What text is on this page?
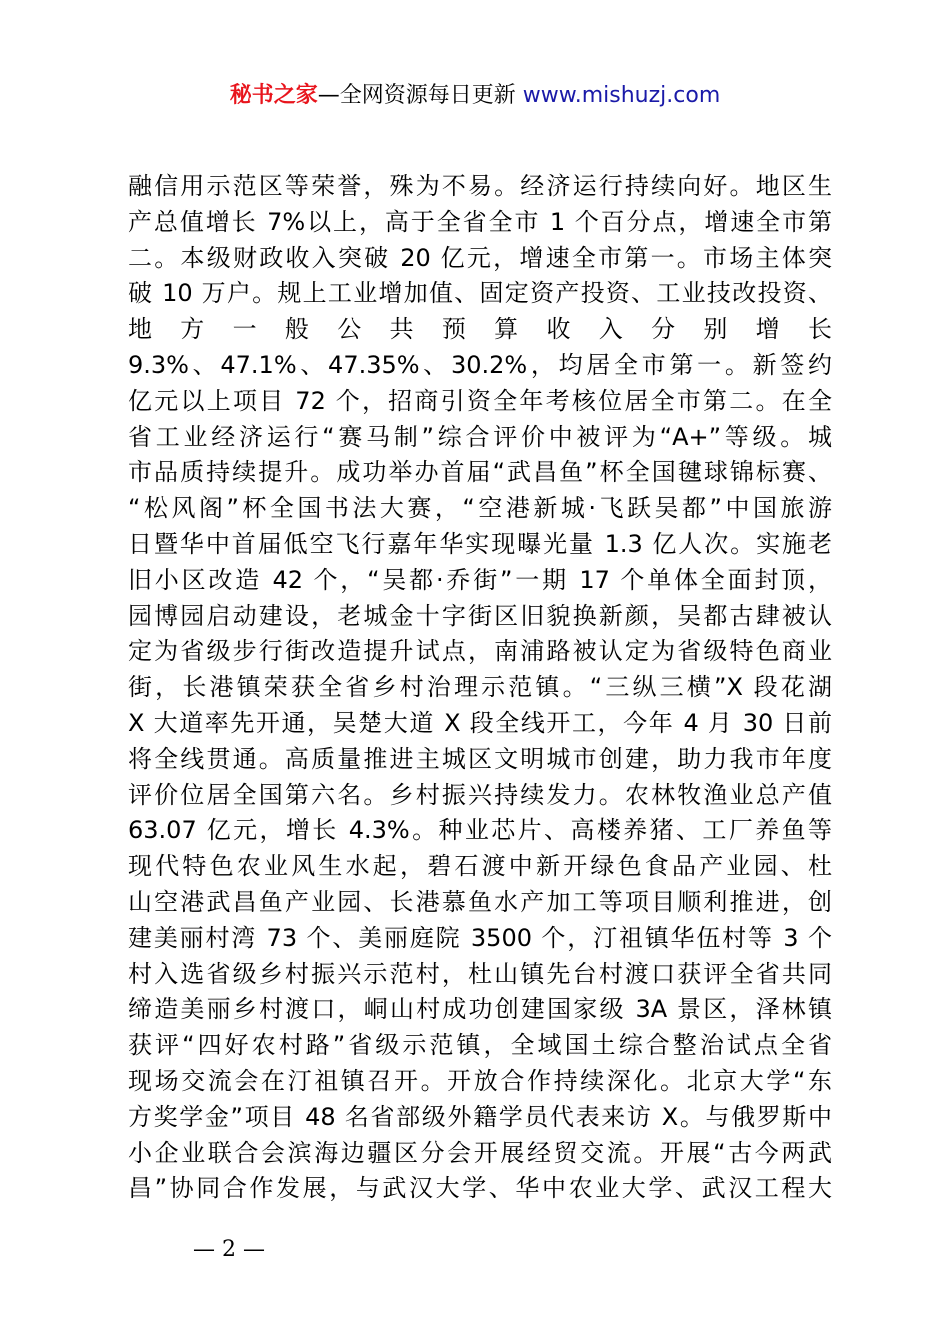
秘书之家—全网资源每日更新 www.mishuzj.com
融信用示范区等荣誉，殊为不易。经济运行持续向好。地区生
产总值增长 7%以上，高于全省全市 1 个百分点，增速全市第
二。本级财政收入突破 20 亿元，增速全市第一。市场主体突
破 10 万户。规上工业增加值、固定资产投资、工业技改投资、
地 方 一 般 公 共 预 算 收 入 分 别 增 长
9.3%、47.1%、47.35%、30.2%，均居全市第一。新签约
亿元以上项目 72 个，招商引资全年考核位居全市第二。在全
省工业经济运行“赛马制”综合评价中被评为“A+”等级。城
市品质持续提升。成功举办首届“武昌鱼”杯全国毽球锦标赛、
“松风阁”杯全国书法大赛，“空港新城·飞跃吴都”中国旅游
日暨华中首届低空飞行嘉年华实现曝光量 1.3 亿人次。实施老
旧小区改造 42 个，“吴都·乔街”一期 17 个单体全面封顶，
园博园启动建设，老城金十字街区旧貌换新颜，吴都古肆被认
定为省级步行街改造提升试点，南浦路被认定为省级特色商业
街，长港镇荣获全省乡村治理示范镇。“三纵三横”X 段花湖
X 大道率先开通，吴楚大道 X 段全线开工，今年 4 月 30 日前
将全线贯通。高质量推进主城区文明城市创建，助力我市年度
评价位居全国第六名。乡村振兴持续发力。农林牧渔业总产值
63.07 亿元，增长 4.3%。种业芯片、高楼养猪、工厂养鱼等
现代特色农业风生水起，碧石渡中新开绿色食品产业园、杜
山空港武昌鱼产业园、长港慕鱼水产加工等项目顺利推进，创
建美丽村湾 73 个、美丽庭院 3500 个，汀祖镇华伍村等 3 个
村入选省级乡村振兴示范村，杜山镇先台村渡口获评全省共同
缔造美丽乡村渡口，峒山村成功创建国家级 3A 景区，泽林镇
获评“四好农村路”省级示范镇，全域国土综合整治试点全省
现场交流会在汀祖镇召开。开放合作持续深化。北京大学“东
方奖学金”项目 48 名省部级外籍学员代表来访 X。与俄罗斯中
小企业联合会滨海边疆区分会开展经贸交流。开展“古今两武
昌”协同合作发展，与武汉大学、华中农业大学、武汉工程大
— 2 —
